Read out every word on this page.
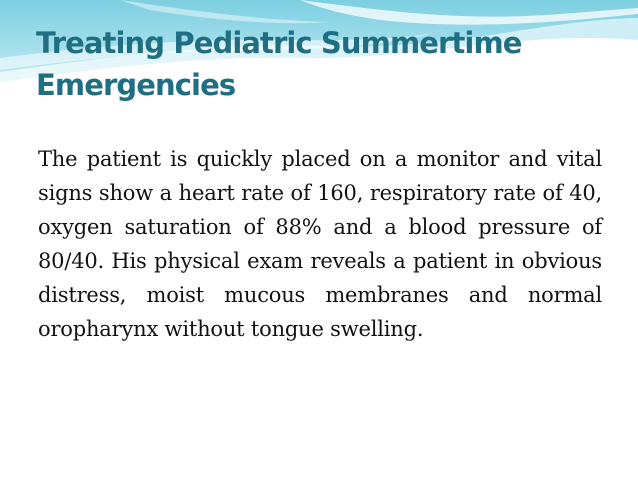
Treating Pediatric Summertime Emergencies

The patient is quickly placed on a monitor and vital signs show a heart rate of 160, respiratory rate of 40, oxygen saturation of 88% and a blood pressure of 80/40. His physical exam reveals a patient in obvious distress, moist mucous membranes and normal oropharynx without tongue swelling.
